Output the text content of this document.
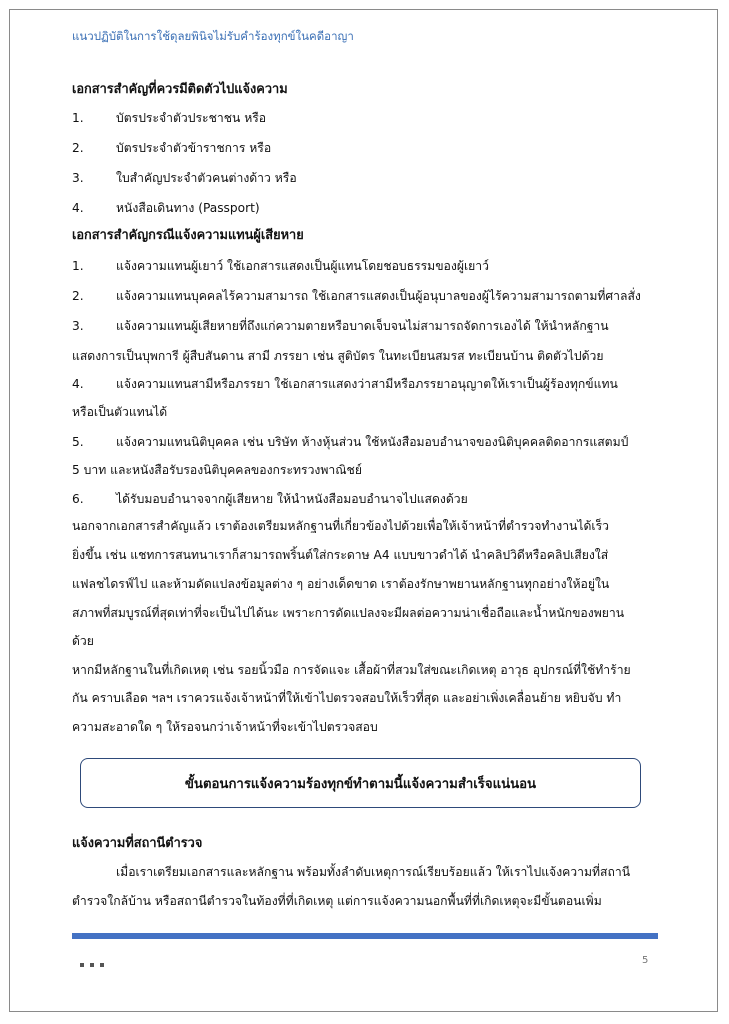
แนวปฏิบัติในการใช้ดุลยพินิจไม่รับคำร้องทุกข์ในคดีอาญา
เอกสารสำคัญที่ควรมีติดตัวไปแจ้งความ
1.	บัตรประจำตัวประชาชน หรือ
2.	บัตรประจำตัวข้าราชการ หรือ
3.	ใบสำคัญประจำตัวคนต่างด้าว หรือ
4.	หนังสือเดินทาง (Passport)
เอกสารสำคัญกรณีแจ้งความแทนผู้เสียหาย
1.	แจ้งความแทนผู้เยาว์ ใช้เอกสารแสดงเป็นผู้แทนโดยชอบธรรมของผู้เยาว์
2.	แจ้งความแทนบุคคลไร้ความสามารถ ใช้เอกสารแสดงเป็นผู้อนุบาลของผู้ไร้ความสามารถตามที่ศาลสั่ง
3.	แจ้งความแทนผู้เสียหายที่ถึงแก่ความตายหรือบาดเจ็บจนไม่สามารถจัดการเองได้ ให้นำหลักฐาน
แสดงการเป็นบุพการี ผู้สืบสันดาน สามี ภรรยา เช่น สูติบัตร ในทะเบียนสมรส ทะเบียนบ้าน ติดตัวไปด้วย
4.	แจ้งความแทนสามีหรือภรรยา ใช้เอกสารแสดงว่าสามีหรือภรรยาอนุญาตให้เราเป็นผู้ร้องทุกข์แทน
หรือเป็นตัวแทนได้
5.	แจ้งความแทนนิติบุคคล เช่น บริษัท ห้างหุ้นส่วน ใช้หนังสือมอบอำนาจของนิติบุคคลติดอากรแสตมป์
5 บาท และหนังสือรับรองนิติบุคคลของกระทรวงพาณิชย์
6.	ได้รับมอบอำนาจจากผู้เสียหาย ให้นำหนังสือมอบอำนาจไปแสดงด้วย
นอกจากเอกสารสำคัญแล้ว เราต้องเตรียมหลักฐานที่เกี่ยวข้องไปด้วยเพื่อให้เจ้าหน้าที่ตำรวจทำงานได้เร็ว
ยิ่งขึ้น เช่น แชทการสนทนาเราก็สามารถพริ้นต์ใส่กระดาษ A4 แบบขาวดำได้ นำคลิปวิดีหรือคลิปเสียงใส่
แฟลชไดรฟ์ไป และห้ามดัดแปลงข้อมูลต่าง ๆ อย่างเด็ดขาด เราต้องรักษาพยานหลักฐานทุกอย่างให้อยู่ใน
สภาพที่สมบูรณ์ที่สุดเท่าที่จะเป็นไปได้นะ เพราะการดัดแปลงจะมีผลต่อความน่าเชื่อถือและน้ำหนักของพยาน
ด้วย
หากมีหลักฐานในที่เกิดเหตุ เช่น รอยนิ้วมือ การจัดแจะ เสื้อผ้าที่สวมใส่ขณะเกิดเหตุ อาวุธ อุปกรณ์ที่ใช้ทำร้าย
กัน คราบเลือด ฯลฯ เราควรแจ้งเจ้าหน้าที่ให้เข้าไปตรวจสอบให้เร็วที่สุด และอย่าเพิ่งเคลื่อนย้าย หยิบจับ ทำ
ความสะอาดใด ๆ ให้รอจนกว่าเจ้าหน้าที่จะเข้าไปตรวจสอบ
แจ้งความที่สถานีตำรวจ
เมื่อเราเตรียมเอกสารและหลักฐาน พร้อมทั้งลำดับเหตุการณ์เรียบร้อยแล้ว ให้เราไปแจ้งความที่สถานี
ตำรวจใกล้บ้าน หรือสถานีตำรวจในท้องที่ที่เกิดเหตุ แต่การแจ้งความนอกพื้นที่ที่เกิดเหตุจะมีขั้นตอนเพิ่ม
ขั้นตอนการแจ้งความร้องทุกข์ทำตามนี้แจ้งความสำเร็จแน่นอน
5
